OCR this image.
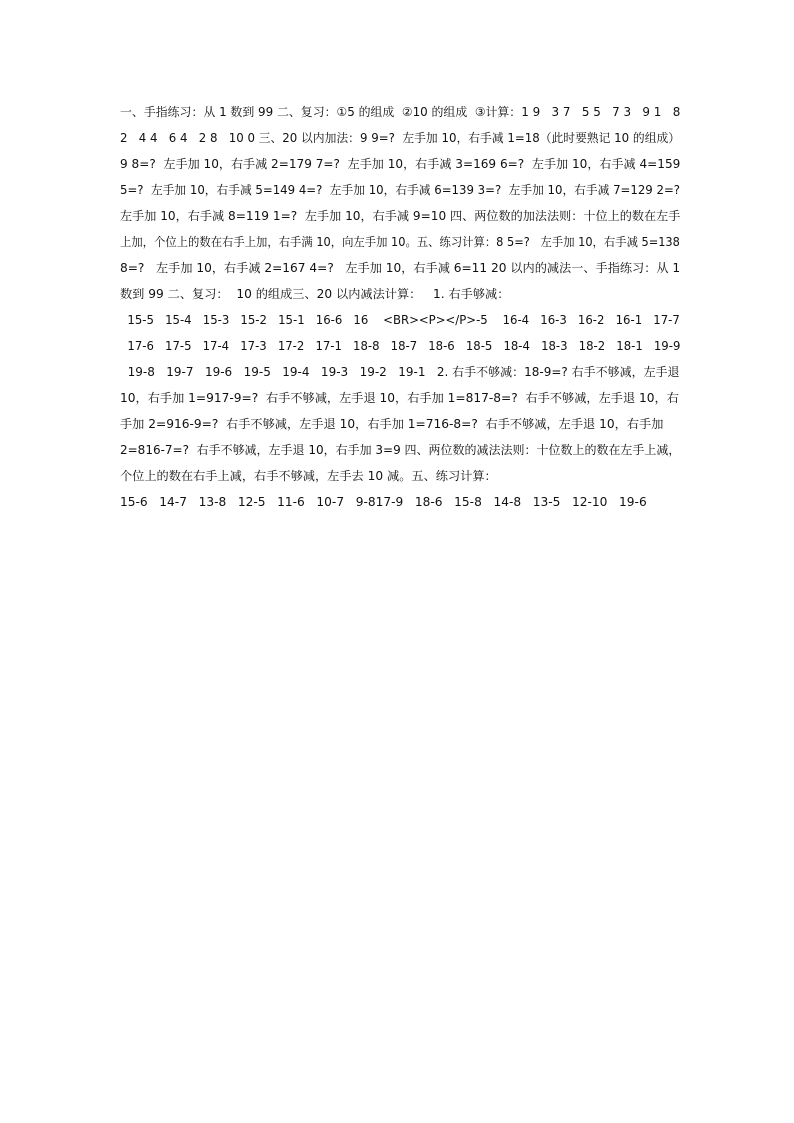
一、手指练习：从 1 数到 99 二、复习：①5 的组成  ②10 的组成  ③计算：1 9   3 7   5 5   7 3   9 1   8
2   4 4   6 4   2 8   10 0 三、20 以内加法：9 9=?  左手加 10，右手减 1=18（此时要熟记 10 的组成）
9 8=?  左手加 10，右手减 2=179 7=?  左手加 10，右手减 3=169 6=?  左手加 10，右手减 4=159
5=?  左手加 10，右手减 5=149 4=?  左手加 10，右手减 6=139 3=?  左手加 10，右手减 7=129 2=?
左手加 10，右手减 8=119 1=?  左手加 10，右手减 9=10 四、两位数的加法法则：十位上的数在左手
上加，个位上的数在右手上加，右手满 10，向左手加 10。五、练习计算：8 5=?   左手加 10，右手减 5=138
8=?   左手加 10，右手减 2=167 4=?   左手加 10，右手减 6=11 20 以内的减法一、手指练习：从 1
数到 99 二、复习：  10 的组成三、20 以内减法计算：   1. 右手够减：
15-5   15-4   15-3   15-2   15-1   16-6   16    <BR><P></P>-5    16-4   16-3   16-2   16-1   17-7
17-6   17-5   17-4   17-3   17-2   17-1   18-8   18-7   18-6   18-5   18-4   18-3   18-2   18-1   19-9
19-8   19-7   19-6   19-5   19-4   19-3   19-2   19-1   2. 右手不够减：18-9=? 右手不够减，左手退
10，右手加 1=917-9=?  右手不够减，左手退 10，右手加 1=817-8=?  右手不够减，左手退 10，右
手加 2=916-9=?  右手不够减，左手退 10，右手加 1=716-8=?  右手不够减，左手退 10，右手加
2=816-7=?  右手不够减，左手退 10，右手加 3=9 四、两位数的减法法则：十位数上的数在左手上减，
个位上的数在右手上减，右手不够减，左手去 10 减。五、练习计算：
15-6   14-7   13-8   12-5   11-6   10-7   9-817-9   18-6   15-8   14-8   13-5   12-10   19-6
